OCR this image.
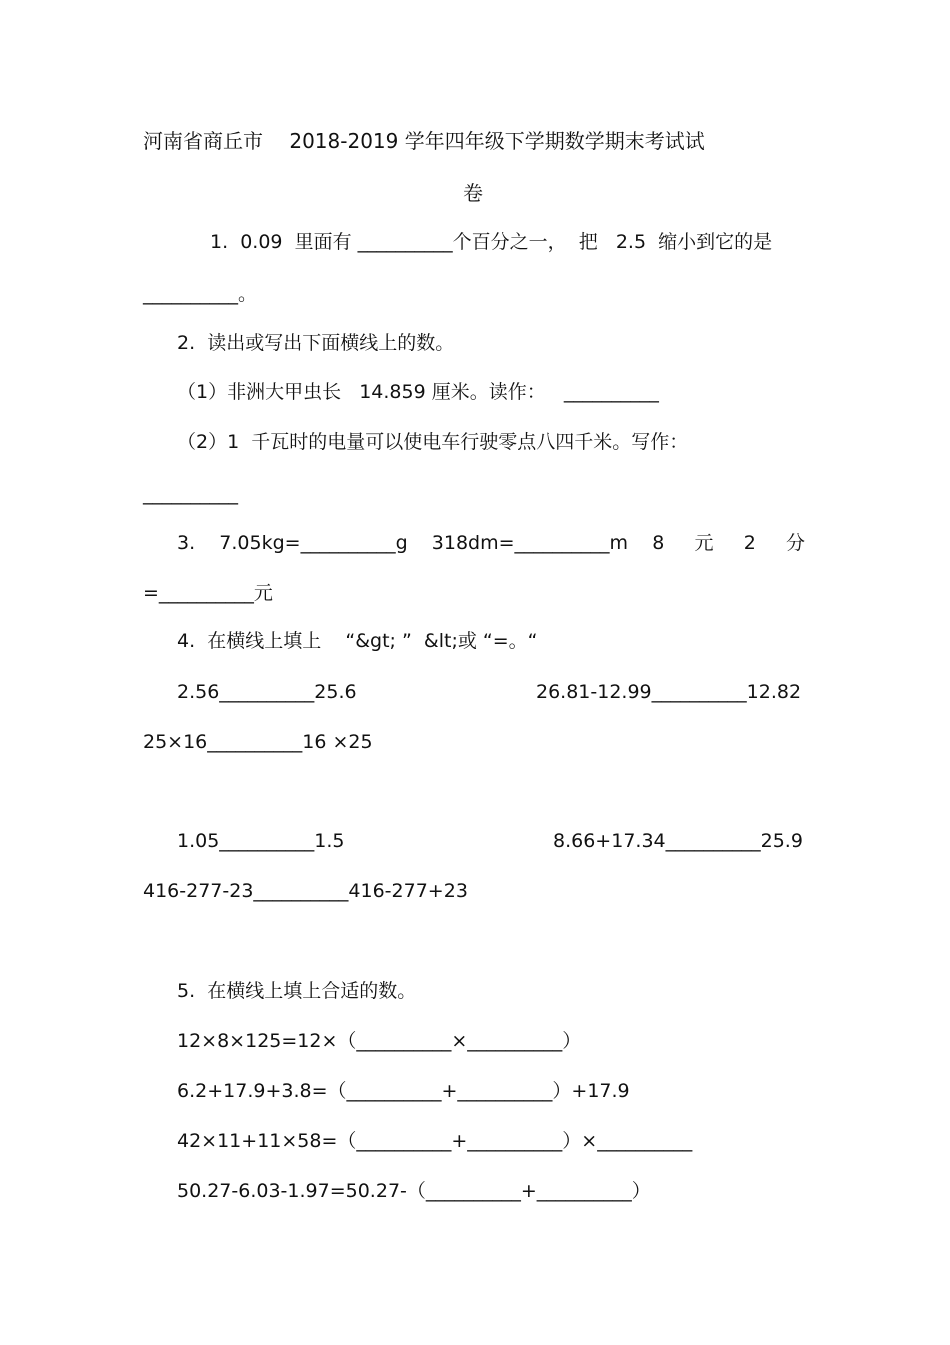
河南省商丘市　 2018-2019 学年四年级下学期数学期末考试试
卷
1.  0.09  里面有 __________个百分之一，  把   2.5  缩小到它的是
__________。
2.  读出或写出下面横线上的数。
（1）非洲大甲虫长   14.859 厘米。读作：   __________
（2）1  千瓦时的电量可以使电车行驶零点八四千米。写作：
__________
3.    7.05kg=__________g    318dm=__________m    8     元     2     分
=__________元
4.  在横线上填上    “&gt; ”  &lt;或 “=。“
2.56__________25.6	26.81-12.99__________12.82
25×16__________16 ×25
1.05__________1.5	8.66+17.34__________25.9
416-277-23__________416-277+23
5.  在横线上填上合适的数。
12×8×125=12×（__________×__________）
6.2+17.9+3.8=（__________+__________）+17.9
42×11+11×58=（__________+__________）×__________
50.27-6.03-1.97=50.27-（__________+__________）
